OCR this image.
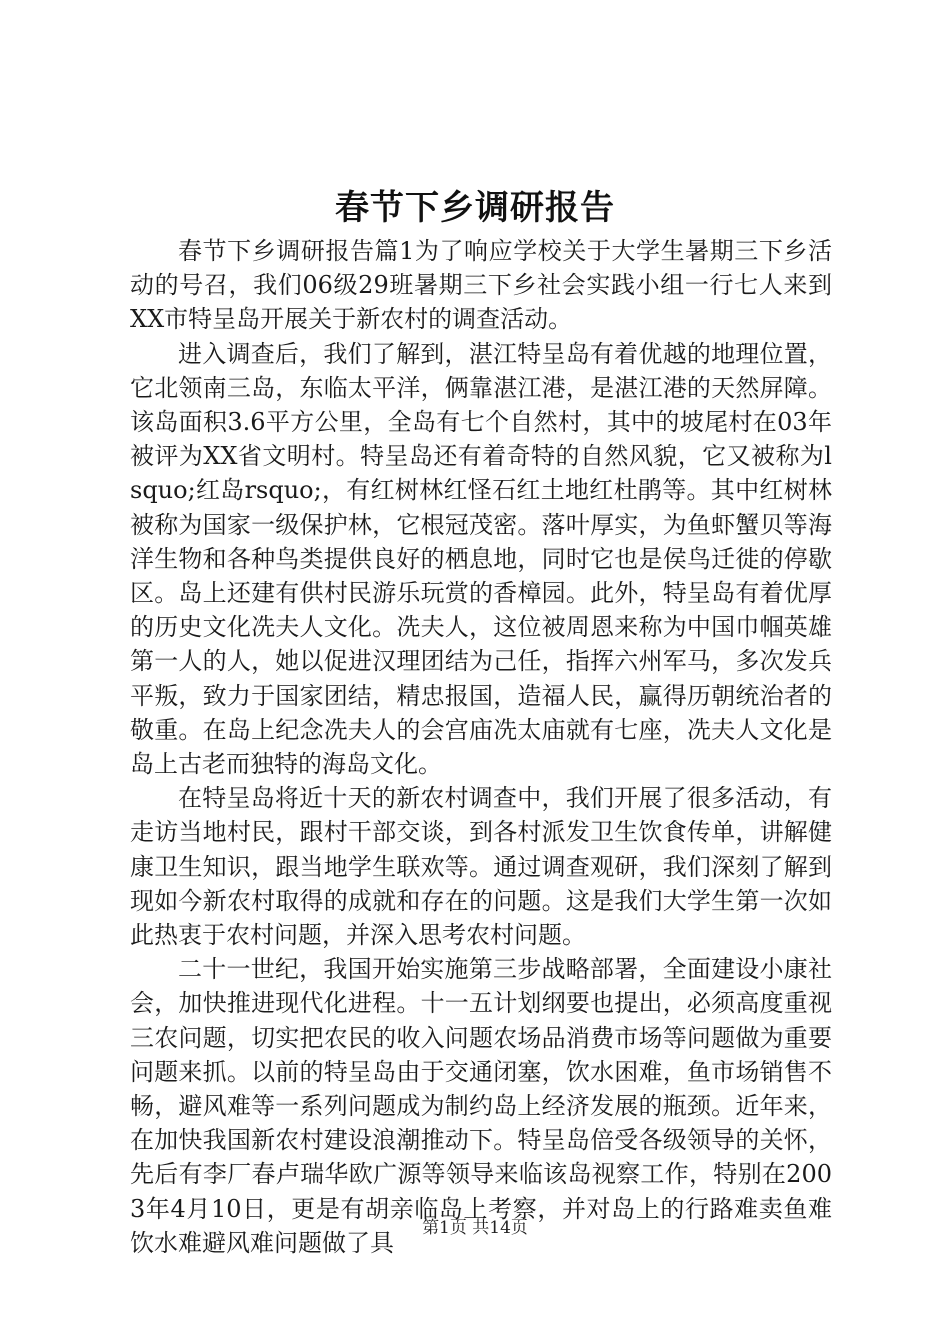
春节下乡调研报告

春节下乡调研报告篇1为了响应学校关于大学生暑期三下乡活动的号召，我们06级29班暑期三下乡社会实践小组一行七人来到XX市特呈岛开展关于新农村的调查活动。

进入调查后，我们了解到，湛江特呈岛有着优越的地理位置，它北领南三岛，东临太平洋，俩靠湛江港，是湛江港的天然屏障。该岛面积3.6平方公里，全岛有七个自然村，其中的坡尾村在03年被评为XX省文明村。特呈岛还有着奇特的自然风貌，它又被称为lsquo;红岛rsquo;，有红树林红怪石红土地红杜鹃等。其中红树林被称为国家一级保护林，它根冠茂密。落叶厚实，为鱼虾蟹贝等海洋生物和各种鸟类提供良好的栖息地，同时它也是侯鸟迁徙的停歇区。岛上还建有供村民游乐玩赏的香樟园。此外，特呈岛有着优厚的历史文化冼夫人文化。冼夫人，这位被周恩来称为中国巾帼英雄第一人的人，她以促进汉理团结为己任，指挥六州军马，多次发兵平叛，致力于国家团结，精忠报国，造福人民，赢得历朝统治者的敬重。在岛上纪念冼夫人的会宫庙冼太庙就有七座，冼夫人文化是岛上古老而独特的海岛文化。

在特呈岛将近十天的新农村调查中，我们开展了很多活动，有走访当地村民，跟村干部交谈，到各村派发卫生饮食传单，讲解健康卫生知识，跟当地学生联欢等。通过调查观研，我们深刻了解到现如今新农村取得的成就和存在的问题。这是我们大学生第一次如此热衷于农村问题，并深入思考农村问题。

二十一世纪，我国开始实施第三步战略部署，全面建设小康社会，加快推进现代化进程。十一五计划纲要也提出，必须高度重视三农问题，切实把农民的收入问题农场品消费市场等问题做为重要问题来抓。以前的特呈岛由于交通闭塞，饮水困难，鱼市场销售不畅，避风难等一系列问题成为制约岛上经济发展的瓶颈。近年来，在加快我国新农村建设浪潮推动下。特呈岛倍受各级领导的关怀，先后有李厂春卢瑞华欧广源等领导来临该岛视察工作，特别在2003年4月10日，更是有胡亲临岛上考察，并对岛上的行路难卖鱼难饮水难避风难问题做了具

第1页 共14页
